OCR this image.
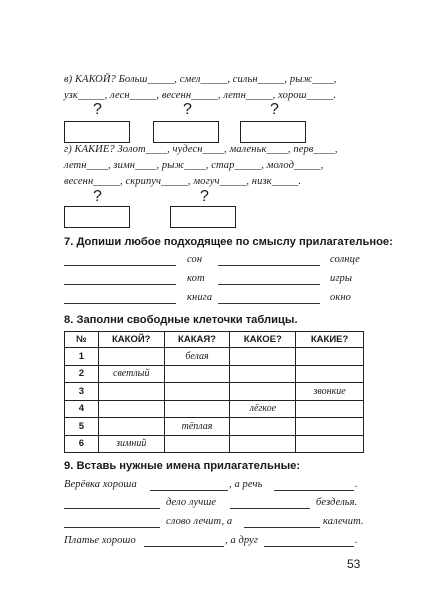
в) КАКОЙ? Больш_____, смел_____, сильн_____, рыж____,
узк_____, лесн_____, весенн_____, летн_____, хорош_____.
?	?	?
г) КАКИЕ? Золот____, чудесн____, маленьк____, перв____,
летн____, зимн____, рыж____, стар_____, молод_____,
весенн_____, скрипуч_____, могуч_____, низк_____.
?	?
7. Допиши любое подходящее по смыслу прилагательное:
сон	солнце
кот	игры
книга	окно
8. Заполни свободные клеточки таблицы.
№	КАКОЙ?	КАКАЯ?	КАКОЕ?	КАКИЕ?
1		белая		
2	светлый			
3				звонкие
4			лёгкое	
5		тёплая		
6	зимний			
9. Вставь нужные имена прилагательные:
Верёвка хороша	, а речь	.
дело лучше	безделья.
слово лечит, а	калечит.
Платье хорошо	, а друг	.
53
